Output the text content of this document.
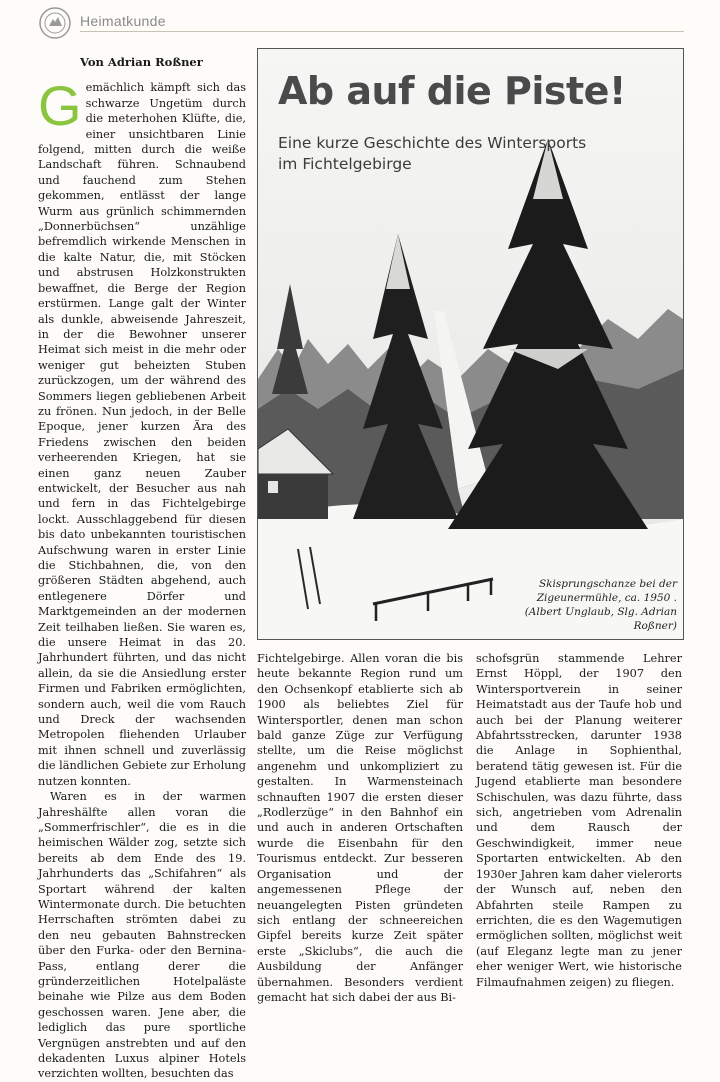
Heimatkunde
Von Adrian Roßner

Gemächlich kämpft sich das schwarze Ungetüm durch die meterhohen Klüfte, die, einer unsichtbaren Linie folgend, mitten durch die weiße Landschaft führen. Schnaubend und fauchend zum Stehen gekommen, entlässt der lange Wurm aus grünlich schimmernden „Donnerbüchsen“ unzählige befremdlich wirkende Menschen in die kalte Natur, die, mit Stöcken und abstrusen Holzkonstrukten bewaffnet, die Berge der Region erstürmen. Lange galt der Winter als dunkle, abweisende Jahreszeit, in der die Bewohner unserer Heimat sich meist in die mehr oder weniger gut beheizten Stuben zurückzogen, um der während des Sommers liegen gebliebenen Arbeit zu frönen. Nun jedoch, in der Belle Epoque, jener kurzen Ära des Friedens zwischen den beiden verheerenden Kriegen, hat sie einen ganz neuen Zauber entwickelt, der Besucher aus nah und fern in das Fichtelgebirge lockt. Ausschlaggebend für diesen bis dato unbekannten touristischen Aufschwung waren in erster Linie die Stichbahnen, die, von den größeren Städten abgehend, auch entlegenere Dörfer und Marktgemeinden an der modernen Zeit teilhaben ließen. Sie waren es, die unsere Heimat in das 20. Jahrhundert führten, und das nicht allein, da sie die Ansiedlung erster Firmen und Fabriken ermöglichten, sondern auch, weil die vom Rauch und Dreck der wachsenden Metropolen fliehenden Urlauber mit ihnen schnell und zuverlässig die ländlichen Gebiete zur Erholung nutzen konnten.

Waren es in der warmen Jahreshälfte allen voran die „Sommerfrischler“, die es in die heimischen Wälder zog, setzte sich bereits ab dem Ende des 19. Jahrhunderts das „Schifahren“ als Sportart während der kalten Wintermonate durch. Die betuchten Herrschaften strömten dabei zu den neu gebauten Bahnstrecken über den Furka- oder den Bernina-Pass, entlang derer die gründerzeitlichen Hotelpaläste beinahe wie Pilze aus dem Boden geschossen waren. Jene aber, die lediglich das pure sportliche Vergnügen anstrebten und auf den dekadenten Luxus alpiner Hotels verzichten wollten, besuchten das

Ab auf die Piste!
Eine kurze Geschichte des Wintersports im Fichtelgebirge
Skisprungschanze bei der Zigeunermühle, ca. 1950 . (Albert Unglaub, Slg. Adrian Roßner)

Fichtelgebirge. Allen voran die bis heute bekannte Region rund um den Ochsenkopf etablierte sich ab 1900 als beliebtes Ziel für Wintersportler, denen man schon bald ganze Züge zur Verfügung stellte, um die Reise möglichst angenehm und unkompliziert zu gestalten. In Warmensteinach schnauften 1907 die ersten dieser „Rodlerzüge“ in den Bahnhof ein und auch in anderen Ortschaften wurde die Eisenbahn für den Tourismus entdeckt. Zur besseren Organisation und der angemessenen Pflege der neuangelegten Pisten gründeten sich entlang der schneereichen Gipfel bereits kurze Zeit später erste „Skiclubs“, die auch die Ausbildung der Anfänger übernahmen. Besonders verdient gemacht hat sich dabei der aus Bi-

schofsgrün stammende Lehrer Ernst Höppl, der 1907 den Wintersportverein in seiner Heimatstadt aus der Taufe hob und auch bei der Planung weiterer Abfahrtsstrecken, darunter 1938 die Anlage in Sophienthal, beratend tätig gewesen ist. Für die Jugend etablierte man besondere Schischulen, was dazu führte, dass sich, angetrieben vom Adrenalin und dem Rausch der Geschwindigkeit, immer neue Sportarten entwickelten. Ab den 1930er Jahren kam daher vielerorts der Wunsch auf, neben den Abfahrten steile Rampen zu errichten, die es den Wagemutigen ermöglichen sollten, möglichst weit (auf Eleganz legte man zu jener eher weniger Wert, wie historische Filmaufnahmen zeigen) zu fliegen.
